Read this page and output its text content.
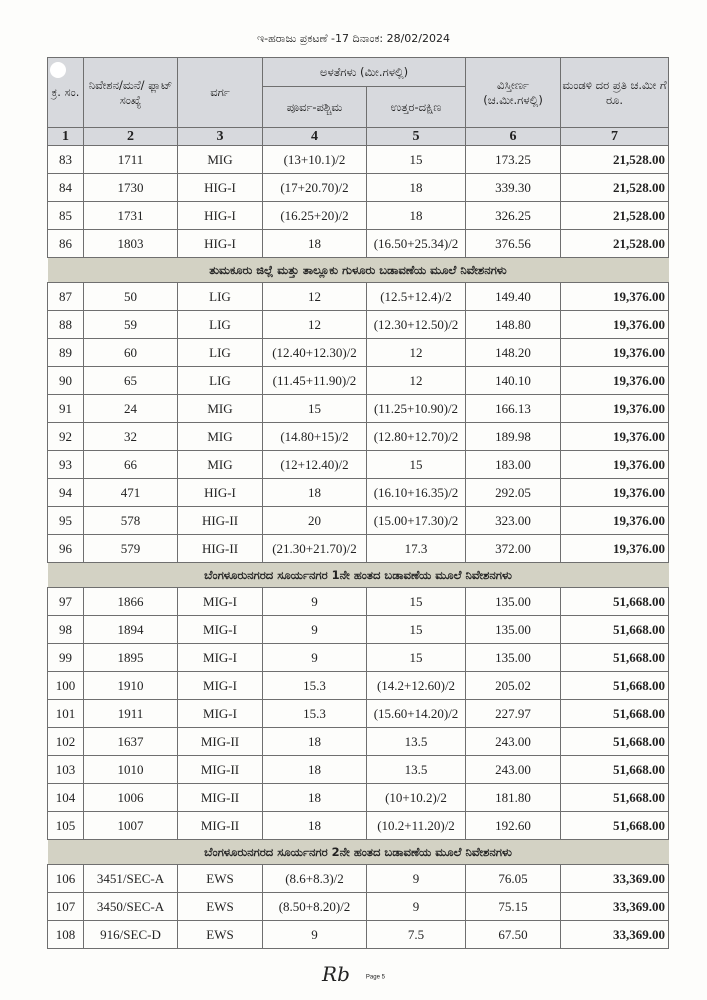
ಇ-ಹರಾಜು ಪ್ರಕಟಣೆ -17 ದಿನಾಂಕ: 28/02/2024
ಕ್ರ. ಸಂ.	ನಿವೇಶನ/ಮನೆ/ ಫ್ಲಾಟ್ ಸಂಖ್ಯೆ	ವರ್ಗ	ಅಳತೆಗಳು (ಮೀ.ಗಳಲ್ಲಿ)		ವಿಸ್ತೀರ್ಣ (ಚ.ಮೀ.ಗಳಲ್ಲಿ)	ಮಂಡಳಿ ದರ ಪ್ರತಿ ಚ.ಮೀ ಗೆ ರೂ.
			ಪೂರ್ವ-ಪಶ್ಚಿಮ	ಉತ್ತರ-ದಕ್ಷಿಣ		
1	2	3	4	5	6	7
83	1711	MIG	(13+10.1)/2	15	173.25	21,528.00
84	1730	HIG-I	(17+20.70)/2	18	339.30	21,528.00
85	1731	HIG-I	(16.25+20)/2	18	326.25	21,528.00
86	1803	HIG-I	18	(16.50+25.34)/2	376.56	21,528.00
ತುಮಕೂರು ಜಿಲ್ಲೆ ಮತ್ತು ತಾಲ್ಲೂಕು ಗುಳೂರು ಬಡಾವಣೆಯ ಮೂಲೆ ನಿವೇಶನಗಳು						
87	50	LIG	12	(12.5+12.4)/2	149.40	19,376.00
88	59	LIG	12	(12.30+12.50)/2	148.80	19,376.00
89	60	LIG	(12.40+12.30)/2	12	148.20	19,376.00
90	65	LIG	(11.45+11.90)/2	12	140.10	19,376.00
91	24	MIG	15	(11.25+10.90)/2	166.13	19,376.00
92	32	MIG	(14.80+15)/2	(12.80+12.70)/2	189.98	19,376.00
93	66	MIG	(12+12.40)/2	15	183.00	19,376.00
94	471	HIG-I	18	(16.10+16.35)/2	292.05	19,376.00
95	578	HIG-II	20	(15.00+17.30)/2	323.00	19,376.00
96	579	HIG-II	(21.30+21.70)/2	17.3	372.00	19,376.00
ಬೆಂಗಳೂರುನಗರದ ಸೂರ್ಯನಗರ 1ನೇ ಹಂತದ ಬಡಾವಣೆಯ ಮೂಲೆ ನಿವೇಶನಗಳು						
97	1866	MIG-I	9	15	135.00	51,668.00
98	1894	MIG-I	9	15	135.00	51,668.00
99	1895	MIG-I	9	15	135.00	51,668.00
100	1910	MIG-I	15.3	(14.2+12.60)/2	205.02	51,668.00
101	1911	MIG-I	15.3	(15.60+14.20)/2	227.97	51,668.00
102	1637	MIG-II	18	13.5	243.00	51,668.00
103	1010	MIG-II	18	13.5	243.00	51,668.00
104	1006	MIG-II	18	(10+10.2)/2	181.80	51,668.00
105	1007	MIG-II	18	(10.2+11.20)/2	192.60	51,668.00
ಬೆಂಗಳೂರುನಗರದ ಸೂರ್ಯನಗರ 2ನೇ ಹಂತದ ಬಡಾವಣೆಯ ಮೂಲೆ ನಿವೇಶನಗಳು						
106	3451/SEC-A	EWS	(8.6+8.3)/2	9	76.05	33,369.00
107	3450/SEC-A	EWS	(8.50+8.20)/2	9	75.15	33,369.00
108	916/SEC-D	EWS	9	7.5	67.50	33,369.00
Rb	Page 5
